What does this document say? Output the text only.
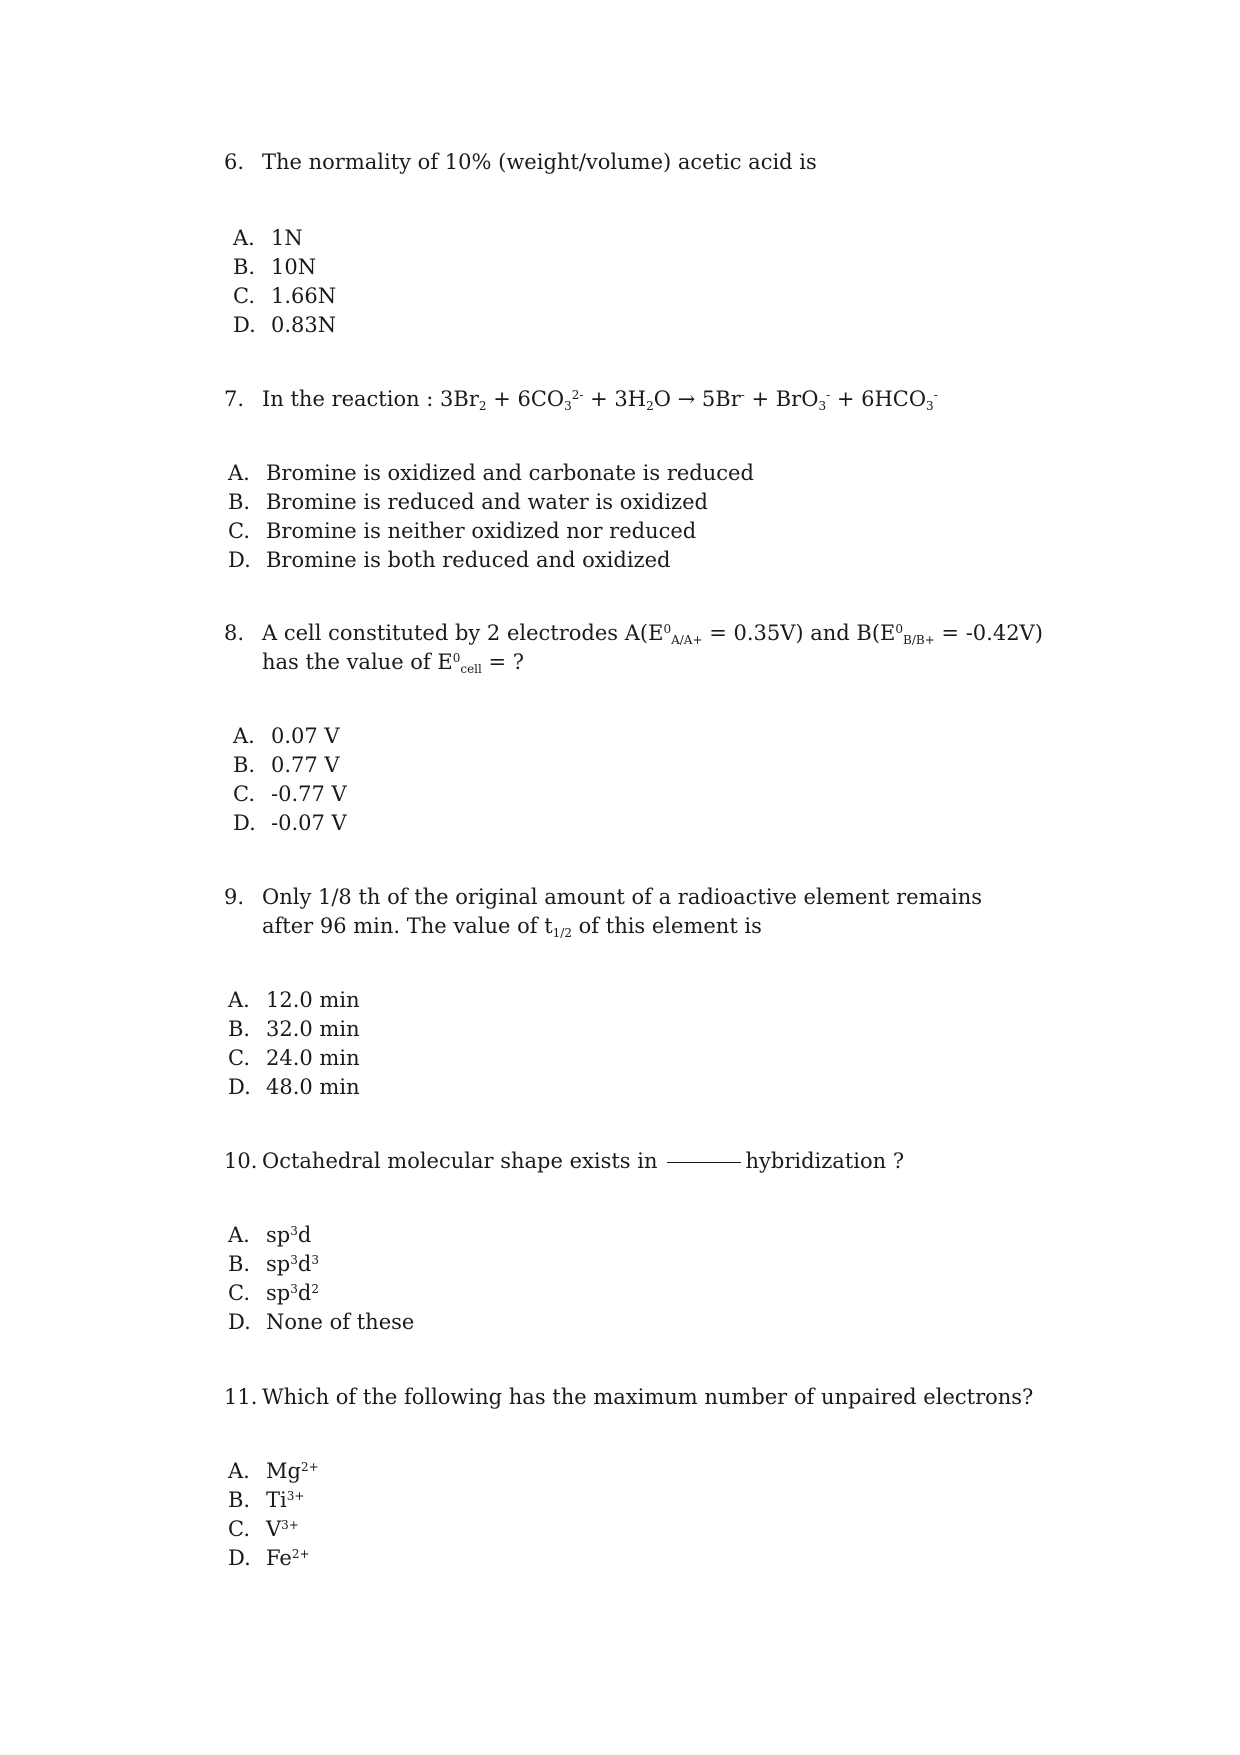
6. The normality of 10% (weight/volume) acetic acid is
A. 1N
B. 10N
C. 1.66N
D. 0.83N
7. In the reaction : $3Br_2 + 6CO_3^{2-} + 3H_2O \to 5Br^- + BrO_3^- + 6HCO_3^-$
A. Bromine is oxidized and carbonate is reduced
B. Bromine is reduced and water is oxidized
C. Bromine is neither oxidized nor reduced
D. Bromine is both reduced and oxidized
8. A cell constituted by 2 electrodes $A(E^0_{A/A+} = 0.35V)$ and $B(E^0_{B/B+} = -0.42V)$ has the value of $E^0_{cell}$ = ?
A. 0.07 V
B. 0.77 V
C. -0.77 V
D. -0.07 V
9. Only 1/8 th of the original amount of a radioactive element remains after 96 min. The value of $t_{1/2}$ of this element is
A. 12.0 min
B. 32.0 min
C. 24.0 min
D. 48.0 min
10. Octahedral molecular shape exists in	hybridization ?
A. $sp^3d$
B. $sp^3d^3$
C. $sp^3d^2$
D. None of these
11. Which of the following has the maximum number of unpaired electrons?
A. $Mg^{2+}$
B. $Ti^{3+}$
C. $V^{3+}$
D. $Fe^{2+}$
